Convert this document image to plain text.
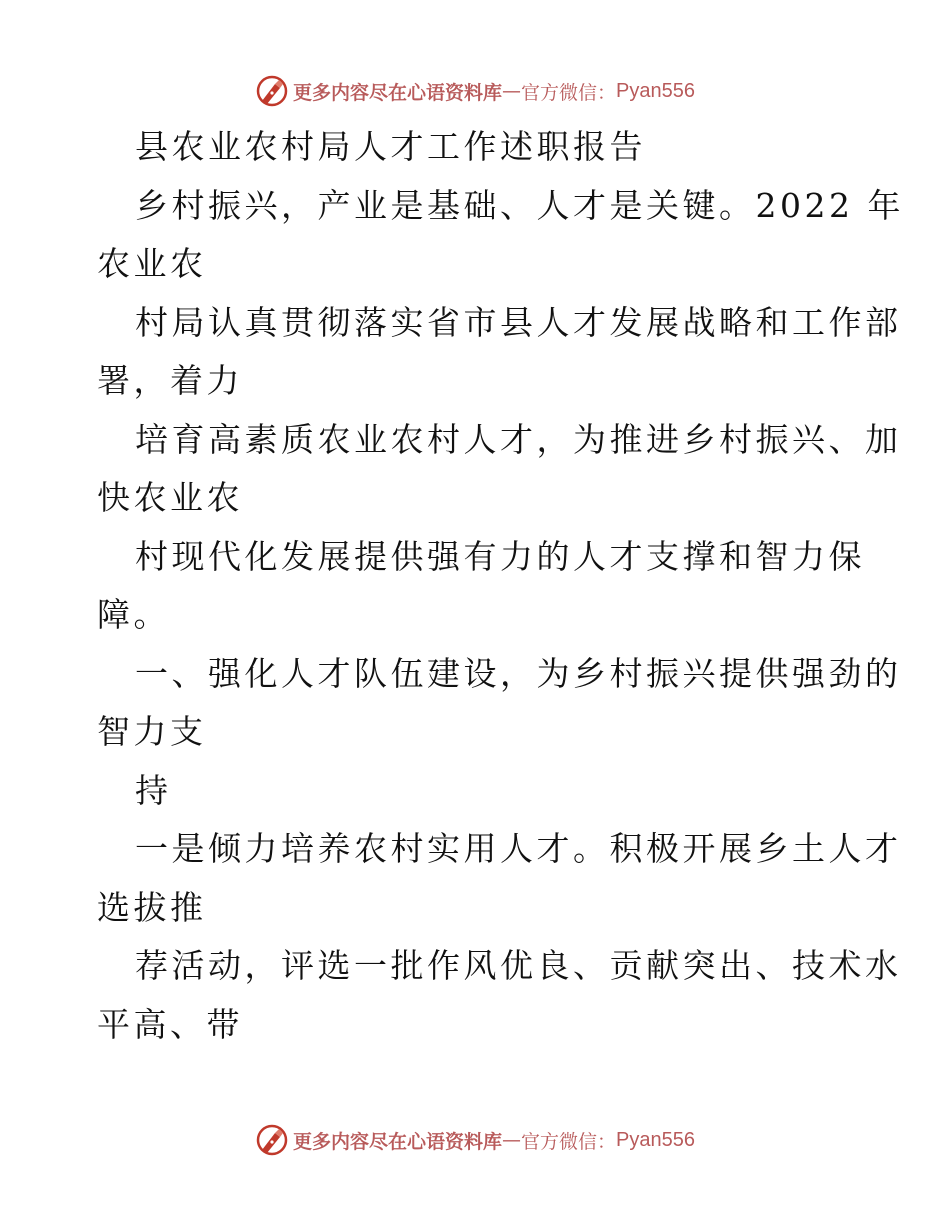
更多内容尽在心语资料库 — 官方微信： Pyan556
县农业农村局人才工作述职报告
乡村振兴，产业是基础、人才是关键。2022 年
农业农
村局认真贯彻落实省市县人才发展战略和工作部
署，着力
培育高素质农业农村人才，为推进乡村振兴、加
快农业农
村现代化发展提供强有力的人才支撑和智力保
障。
一、强化人才队伍建设，为乡村振兴提供强劲的
智力支
持
一是倾力培养农村实用人才。积极开展乡土人才
选拔推
荐活动，评选一批作风优良、贡献突出、技术水
平高、带
更多内容尽在心语资料库 — 官方微信： Pyan556
